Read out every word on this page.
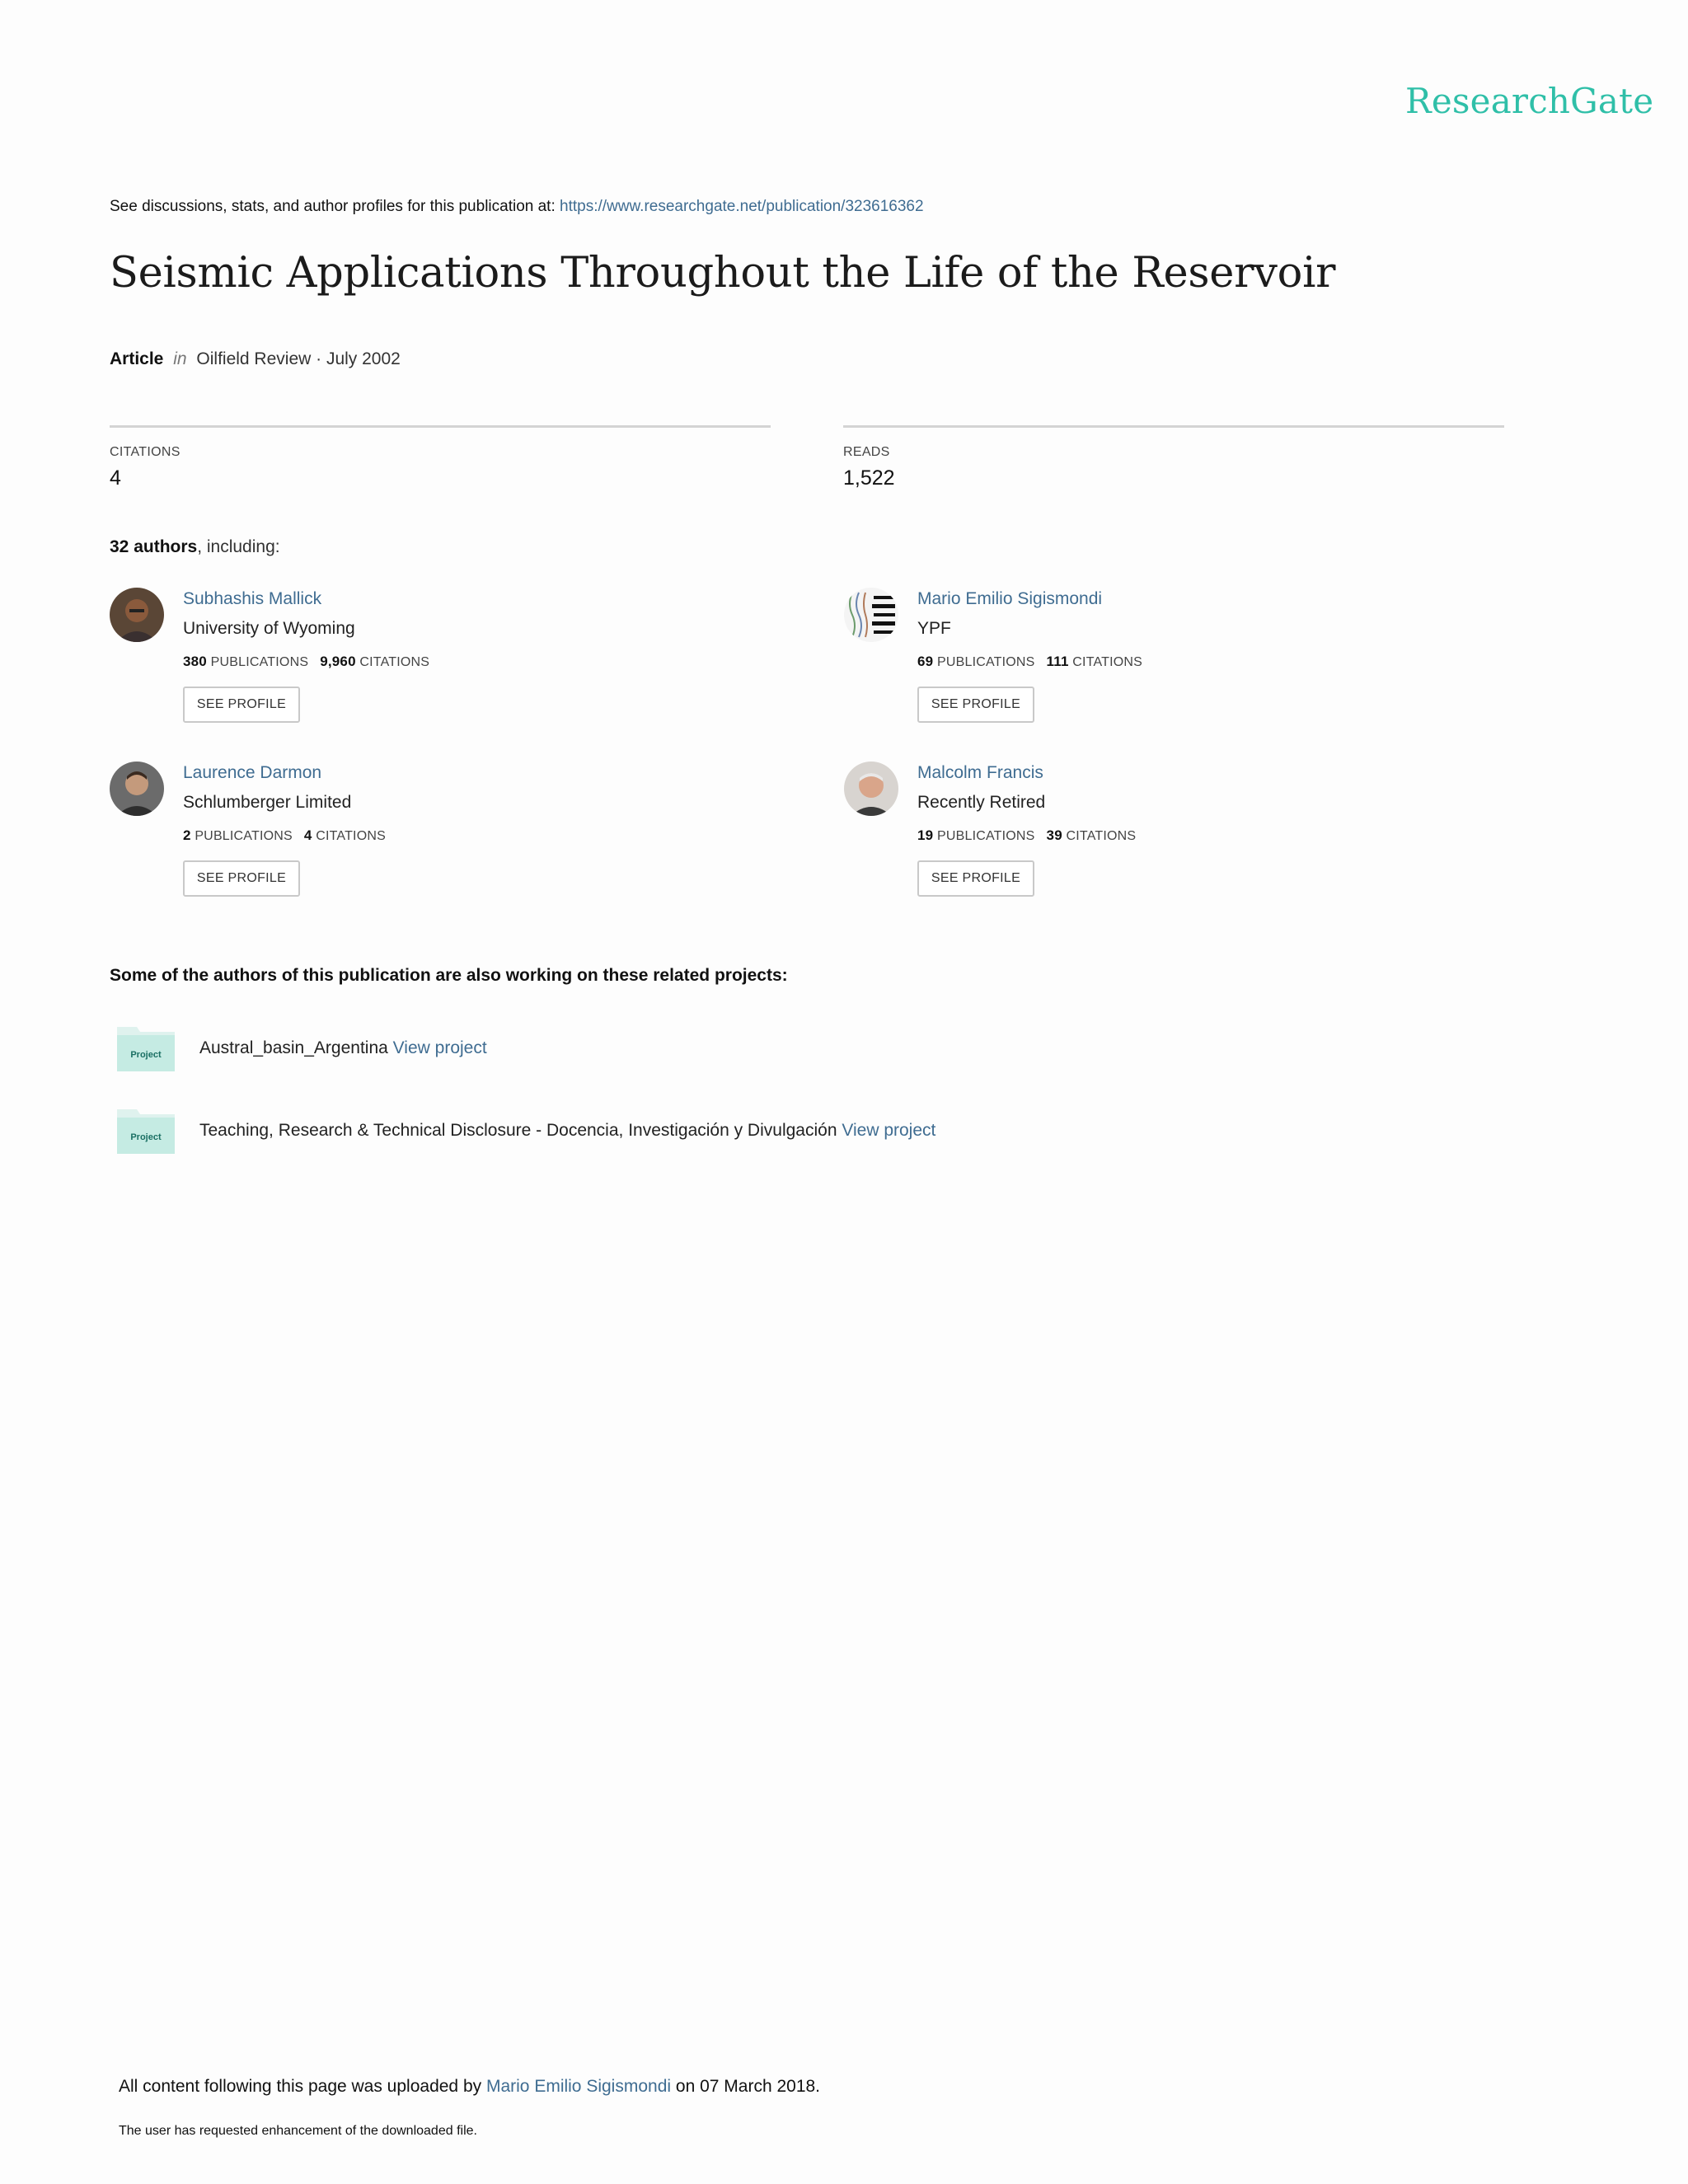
ResearchGate
See discussions, stats, and author profiles for this publication at: https://www.researchgate.net/publication/323616362
Seismic Applications Throughout the Life of the Reservoir
Article in Oilfield Review · July 2002
CITATIONS
4
READS
1,522
32 authors, including:
Subhashis Mallick
University of Wyoming
380 PUBLICATIONS 9,960 CITATIONS
SEE PROFILE
Mario Emilio Sigismondi
YPF
69 PUBLICATIONS 111 CITATIONS
SEE PROFILE
Laurence Darmon
Schlumberger Limited
2 PUBLICATIONS 4 CITATIONS
SEE PROFILE
Malcolm Francis
Recently Retired
19 PUBLICATIONS 39 CITATIONS
SEE PROFILE
Some of the authors of this publication are also working on these related projects:
Project Austral_basin_Argentina View project
Project Teaching, Research & Technical Disclosure - Docencia, Investigación y Divulgación View project
All content following this page was uploaded by Mario Emilio Sigismondi on 07 March 2018.
The user has requested enhancement of the downloaded file.
